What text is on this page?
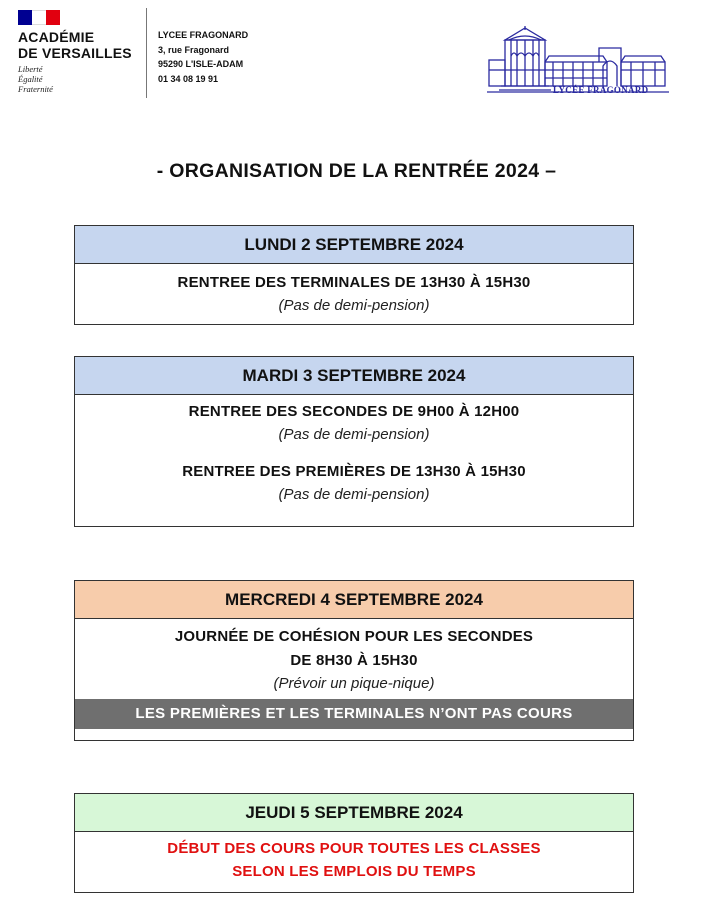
ACADÉMIE
DE VERSAILLES
Liberté
Égalité
Fraternité
LYCEE FRAGONARD
3, rue Fragonard
95290 L'ISLE-ADAM
01 34 08 19 91
LYCÉE FRAGONARD
- ORGANISATION DE LA RENTRÉE 2024 –
LUNDI 2 SEPTEMBRE 2024
RENTREE DES TERMINALES DE 13H30 À 15H30
(Pas de demi-pension)
MARDI 3 SEPTEMBRE 2024
RENTREE DES SECONDES DE 9H00 À 12H00
(Pas de demi-pension)
RENTREE DES PREMIÈRES DE 13H30 À 15H30
(Pas de demi-pension)
MERCREDI 4 SEPTEMBRE 2024
JOURNÉE DE COHÉSION POUR LES SECONDES
DE 8H30 À 15H30
(Prévoir un pique-nique)
LES PREMIÈRES ET LES TERMINALES N’ONT PAS COURS
JEUDI 5 SEPTEMBRE 2024
DÉBUT DES COURS POUR TOUTES LES CLASSES
SELON LES EMPLOIS DU TEMPS
